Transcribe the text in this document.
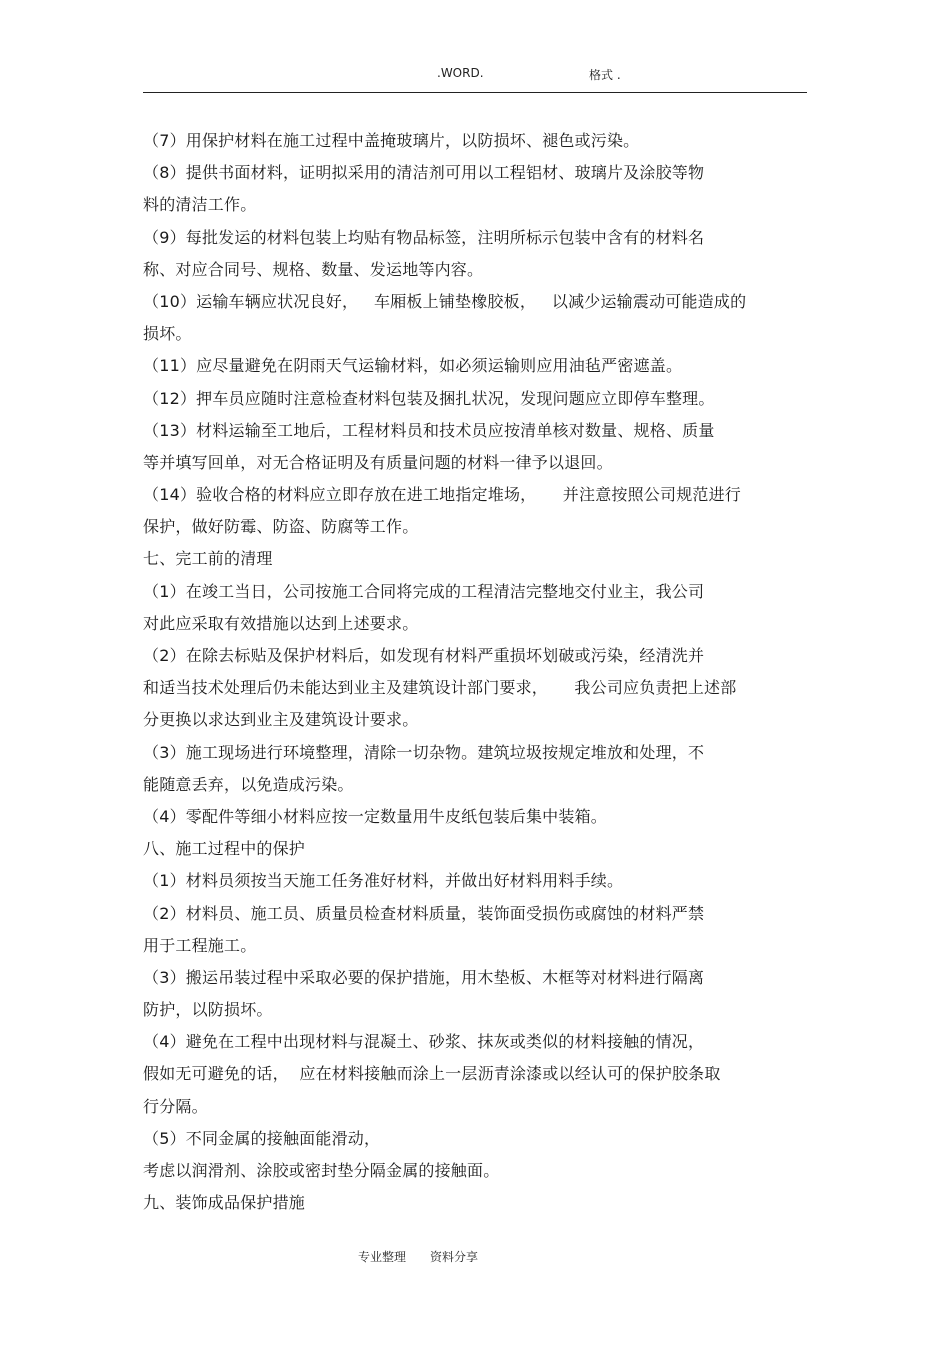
.WORD.	格式 .
（7）用保护材料在施工过程中盖掩玻璃片，以防损坏、褪色或污染。
（8）提供书面材料，证明拟采用的清洁剂可用以工程铝材、玻璃片及涂胶等物
料的清洁工作。
（9）每批发运的材料包装上均贴有物品标签，注明所标示包装中含有的材料名
称、对应合同号、规格、数量、发运地等内容。
（10）运输车辆应状况良好，   车厢板上铺垫橡胶板，   以减少运输震动可能造成的
损坏。
（11）应尽量避免在阴雨天气运输材料，如必须运输则应用油毡严密遮盖。
（12）押车员应随时注意检查材料包装及捆扎状况，发现问题应立即停车整理。
（13）材料运输至工地后，工程材料员和技术员应按清单核对数量、规格、质量
等并填写回单，对无合格证明及有质量问题的材料一律予以退回。
（14）验收合格的材料应立即存放在进工地指定堆场，     并注意按照公司规范进行
保护，做好防霉、防盗、防腐等工作。
七、完工前的清理
（1）在竣工当日，公司按施工合同将完成的工程清洁完整地交付业主，我公司
对此应采取有效措施以达到上述要求。
（2）在除去标贴及保护材料后，如发现有材料严重损坏划破或污染，经清洗并
和适当技术处理后仍未能达到业主及建筑设计部门要求，     我公司应负责把上述部
分更换以求达到业主及建筑设计要求。
（3）施工现场进行环境整理，清除一切杂物。建筑垃圾按规定堆放和处理，不
能随意丢弃，以免造成污染。
（4）零配件等细小材料应按一定数量用牛皮纸包装后集中装箱。
八、施工过程中的保护
（1）材料员须按当天施工任务准好材料，并做出好材料用料手续。
（2）材料员、施工员、质量员检查材料质量，装饰面受损伤或腐蚀的材料严禁
用于工程施工。
（3）搬运吊装过程中采取必要的保护措施，用木垫板、木框等对材料进行隔离
防护，以防损坏。
（4）避免在工程中出现材料与混凝土、砂浆、抹灰或类似的材料接触的情况，
假如无可避免的话，  应在材料接触而涂上一层沥青涂漆或以经认可的保护胶条取
行分隔。
（5）不同金属的接触面能滑动，
考虑以润滑剂、涂胶或密封垫分隔金属的接触面。
九、装饰成品保护措施
专业整理 资料分享
